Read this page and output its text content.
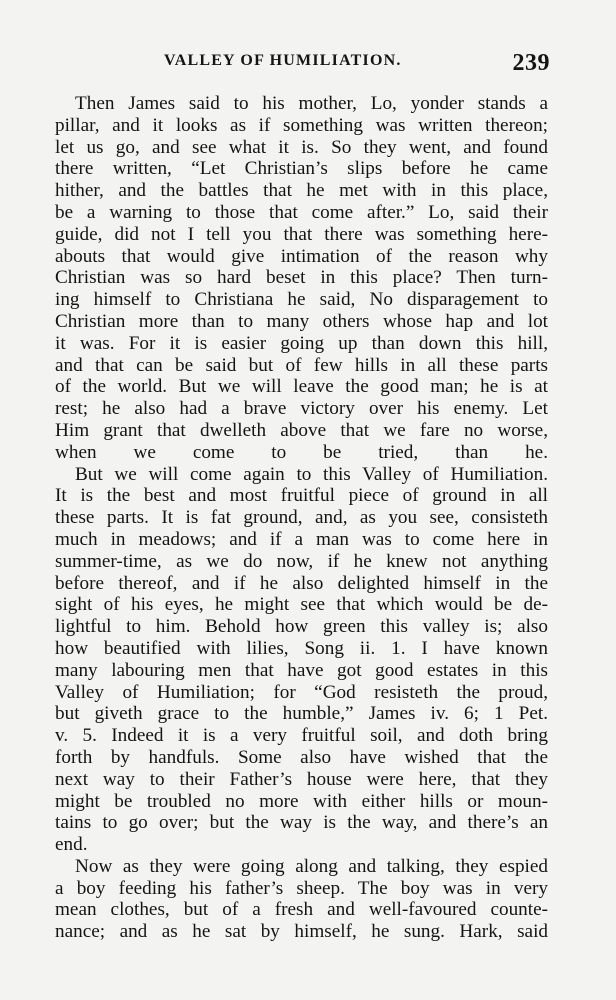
VALLEY OF HUMILIATION.	239
Then James said to his mother, Lo, yonder stands a
pillar, and it looks as if something was written thereon;
let us go, and see what it is. So they went, and found
there written, “Let Christian’s slips before he came
hither, and the battles that he met with in this place,
be a warning to those that come after.” Lo, said their
guide, did not I tell you that there was something here-
abouts that would give intimation of the reason why
Christian was so hard beset in this place? Then turn-
ing himself to Christiana he said, No disparagement to
Christian more than to many others whose hap and lot
it was. For it is easier going up than down this hill,
and that can be said but of few hills in all these parts
of the world. But we will leave the good man; he is at
rest; he also had a brave victory over his enemy. Let
Him grant that dwelleth above that we fare no worse,
when we come to be tried, than he.
But we will come again to this Valley of Humiliation.
It is the best and most fruitful piece of ground in all
these parts. It is fat ground, and, as you see, consisteth
much in meadows; and if a man was to come here in
summer-time, as we do now, if he knew not anything
before thereof, and if he also delighted himself in the
sight of his eyes, he might see that which would be de-
lightful to him. Behold how green this valley is; also
how beautified with lilies, Song ii. 1. I have known
many labouring men that have got good estates in this
Valley of Humiliation; for “God resisteth the proud,
but giveth grace to the humble,” James iv. 6; 1 Pet.
v. 5. Indeed it is a very fruitful soil, and doth bring
forth by handfuls. Some also have wished that the
next way to their Father’s house were here, that they
might be troubled no more with either hills or moun-
tains to go over; but the way is the way, and there’s an
end.
Now as they were going along and talking, they espied
a boy feeding his father’s sheep. The boy was in very
mean clothes, but of a fresh and well-favoured counte-
nance; and as he sat by himself, he sung. Hark, said
